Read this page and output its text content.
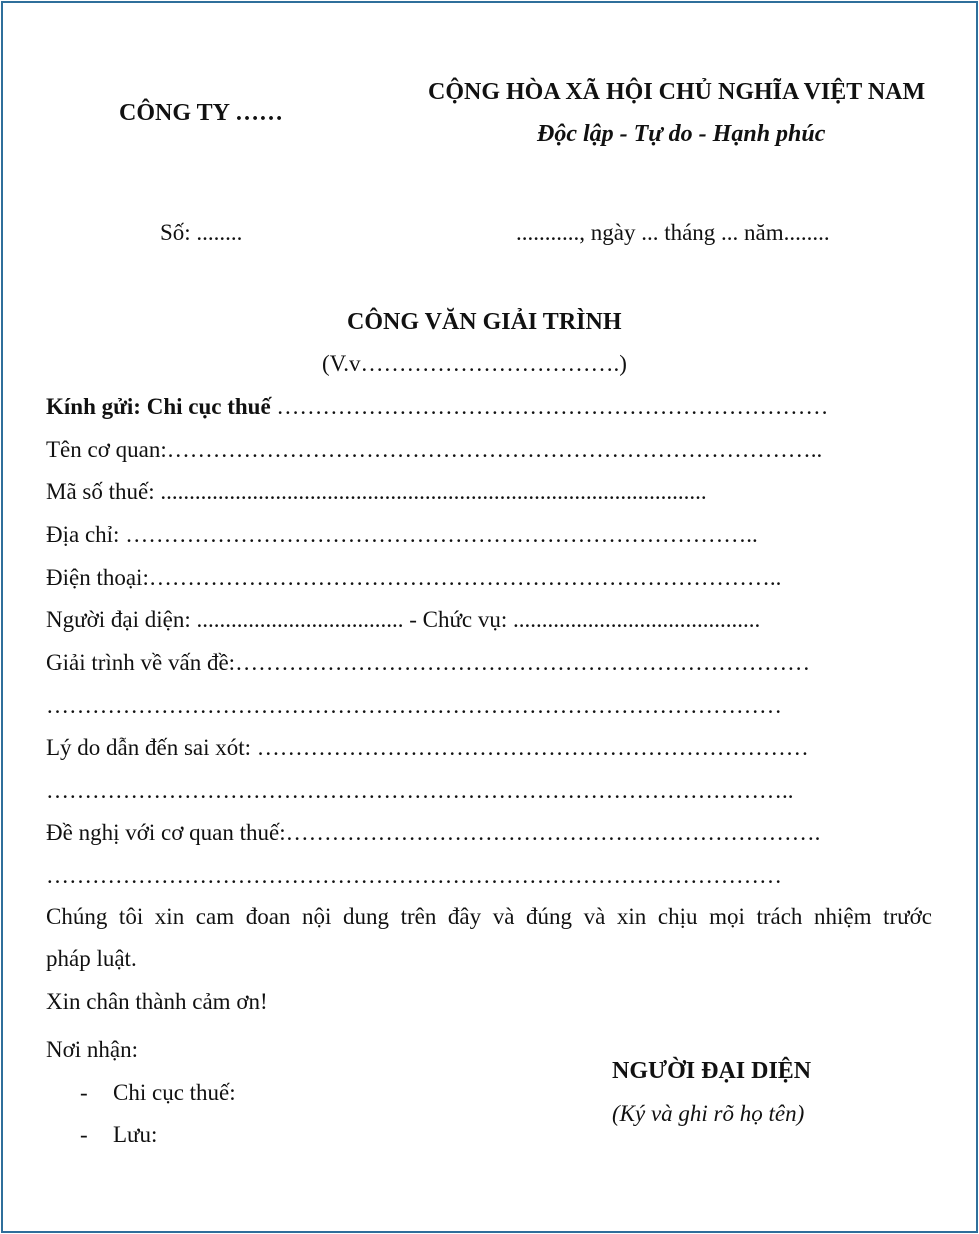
CÔNG TY ……
CỘNG HÒA XÃ HỘI CHỦ NGHĨA VIỆT NAM
Độc lập - Tự do - Hạnh phúc
Số: ........	..........., ngày ... tháng ... năm........
CÔNG VĂN GIẢI TRÌNH
(V.v…………………………….)
Kính gửi: Chi cục thuế ………………………………………………………………
Tên cơ quan:…………………………………………………………………………..
Mã số thuế: ...............................................................................................
Địa chỉ: ………………………………………………………………………..
Điện thoại:………………………………………………………………………..
Người đại diện: .................................... - Chức vụ: ...........................................
Giải trình về vấn đề:…………………………………………………………………
……………………………………………………………………………………
Lý do dẫn đến sai xót: ………………………………………………………………
……………………………………………………………………………………..
Đề nghị với cơ quan thuế:…………………………………………………………….
……………………………………………………………………………………
Chúng tôi xin cam đoan nội dung trên đây và đúng và xin chịu mọi trách nhiệm trước
pháp luật.
Xin chân thành cảm ơn!
Nơi nhận:
- Chi cục thuế:
- Lưu:
NGƯỜI ĐẠI DIỆN
(Ký và ghi rõ họ tên)
